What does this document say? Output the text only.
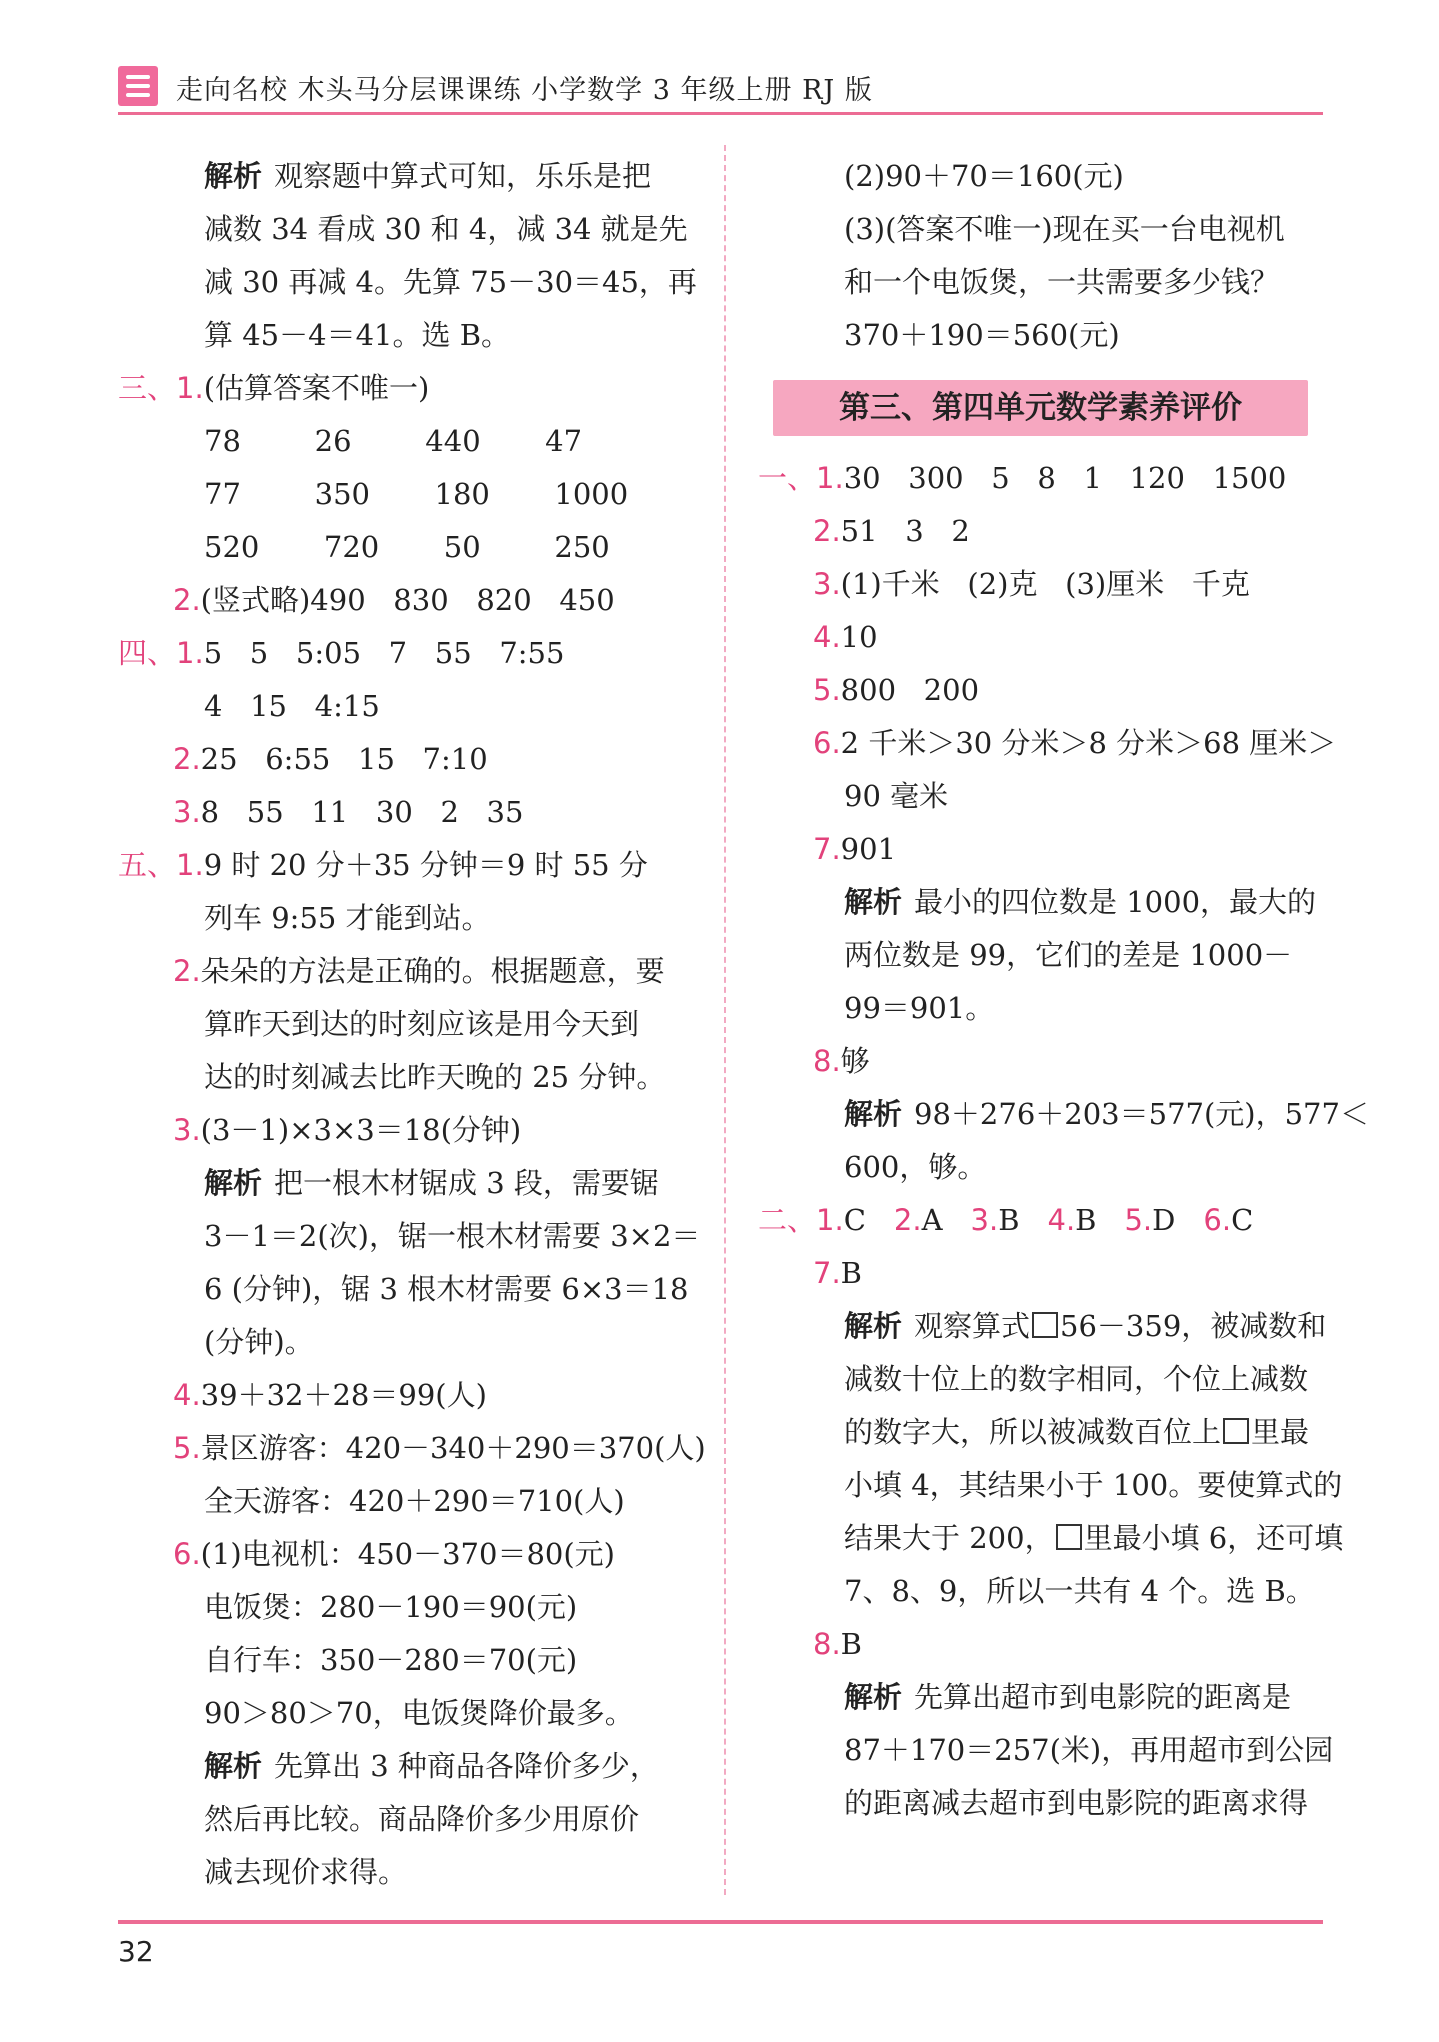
走向名校 木头马分层课课练 小学数学 3 年级上册 RJ 版
解析 观察题中算式可知，乐乐是把
减数 34 看成 30 和 4，减 34 就是先
减 30 再减 4。先算 75－30＝45，再
算 45－4＝41。选 B。
三、1.(估算答案不唯一)
78        26        440       47
77        350       180       1000
520       720       50        250
2.(竖式略)490   830   820   450
四、1.5   5   5:05   7   55   7:55
4   15   4:15
2.25   6:55   15   7:10
3.8   55   11   30   2   35
五、1.9 时 20 分＋35 分钟＝9 时 55 分
列车 9:55 才能到站。
2.朵朵的方法是正确的。根据题意，要
算昨天到达的时刻应该是用今天到
达的时刻减去比昨天晚的 25 分钟。
3.(3－1)×3×3＝18(分钟)
解析 把一根木材锯成 3 段，需要锯
3－1＝2(次)，锯一根木材需要 3×2＝
6 (分钟)，锯 3 根木材需要 6×3＝18
(分钟)。
4.39＋32＋28＝99(人)
5.景区游客：420－340＋290＝370(人)
全天游客：420＋290＝710(人)
6.(1)电视机：450－370＝80(元)
电饭煲：280－190＝90(元)
自行车：350－280＝70(元)
90＞80＞70，电饭煲降价最多。
解析 先算出 3 种商品各降价多少，
然后再比较。商品降价多少用原价
减去现价求得。
(2)90＋70＝160(元)
(3)(答案不唯一)现在买一台电视机
和一个电饭煲，一共需要多少钱？
370＋190＝560(元)
第三、第四单元数学素养评价
一、1.30   300   5   8   1   120   1500
2.51   3   2
3.(1)千米   (2)克   (3)厘米   千克
4.10
5.800   200
6.2 千米＞30 分米＞8 分米＞68 厘米＞
90 毫米
7.901
解析 最小的四位数是 1000，最大的
两位数是 99，它们的差是 1000－
99＝901。
8.够
解析 98＋276＋203＝577(元)，577＜
600，够。
二、1.C 2.A 3.B 4.B 5.D 6.C
7.B
解析 观察算式 56－359，被减数和
减数十位上的数字相同，个位上减数
的数字大，所以被减数百位上 里最
小填 4，其结果小于 100。要使算式的
结果大于 200， 里最小填 6，还可填
7、8、9，所以一共有 4 个。选 B。
8.B
解析 先算出超市到电影院的距离是
87＋170＝257(米)，再用超市到公园
的距离减去超市到电影院的距离求得
32
